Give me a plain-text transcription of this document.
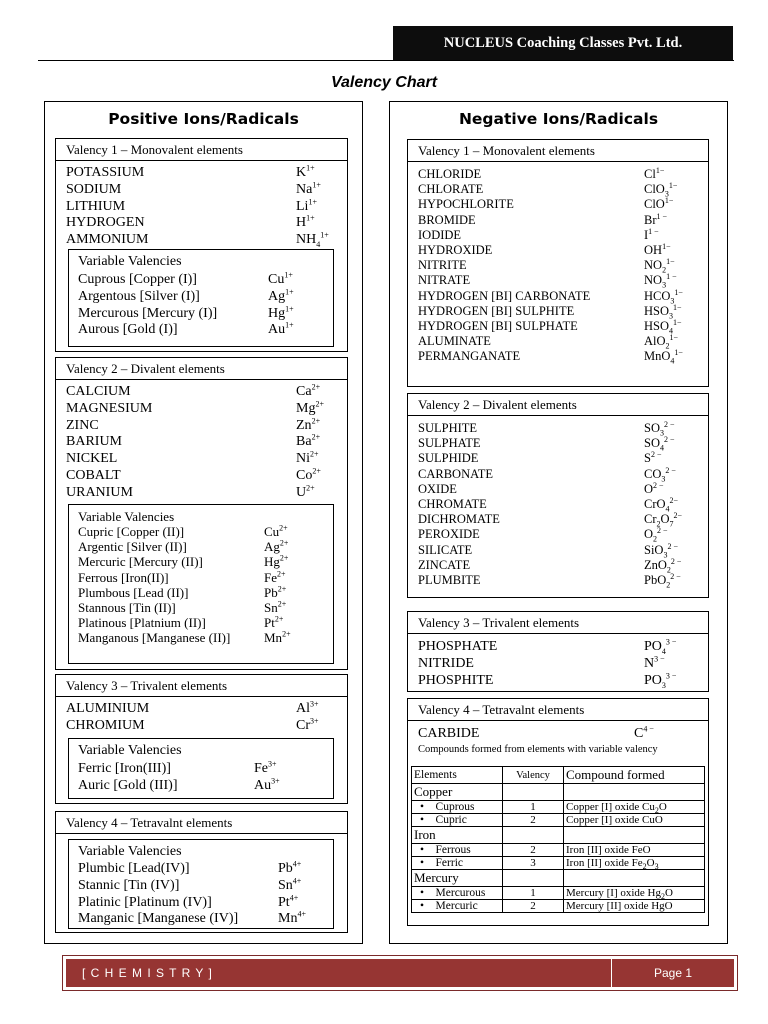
NUCLEUS Coaching Classes Pvt. Ltd.
Valency Chart
Positive Ions/Radicals
Valency 1 – Monovalent elements
POTASSIUM	$K^{1+}$
SODIUM	$Na^{1+}$
LITHIUM	$Li^{1+}$
HYDROGEN	$H^{1+}$
AMMONIUM	$NH_4^{1+}$
Variable Valencies
Cuprous [Copper (I)]	$Cu^{1+}$
Argentous [Silver (I)]	$Ag^{1+}$
Mercurous [Mercury (I)]	$Hg^{1+}$
Aurous [Gold (I)]	$Au^{1+}$
Valency 2 – Divalent elements
CALCIUM	$Ca^{2+}$
MAGNESIUM	$Mg^{2+}$
ZINC	$Zn^{2+}$
BARIUM	$Ba^{2+}$
NICKEL	$Ni^{2+}$
COBALT	$Co^{2+}$
URANIUM	$U^{2+}$
Variable Valencies
Cupric [Copper (II)]	$Cu^{2+}$
Argentic [Silver (II)]	$Ag^{2+}$
Mercuric [Mercury (II)]	$Hg^{2+}$
Ferrous [Iron(II)]	$Fe^{2+}$
Plumbous [Lead (II)]	$Pb^{2+}$
Stannous [Tin (II)]	$Sn^{2+}$
Platinous [Platnium (II)]	$Pt^{2+}$
Manganous [Manganese (II)]	$Mn^{2+}$
Valency 3 – Trivalent elements
ALUMINIUM	$Al^{3+}$
CHROMIUM	$Cr^{3+}$
Variable Valencies
Ferric [Iron(III)]	$Fe^{3+}$
Auric [Gold (III)]	$Au^{3+}$
Valency 4 – Tetravalnt elements
Variable Valencies
Plumbic [Lead(IV)]	$Pb^{4+}$
Stannic [Tin (IV)]	$Sn^{4+}$
Platinic [Platinum (IV)]	$Pt^{4+}$
Manganic [Manganese (IV)]	$Mn^{4+}$
Negative Ions/Radicals
Valency 1 – Monovalent elements
CHLORIDE	$Cl^{1-}$
CHLORATE	ClO$_3^{1-}$
HYPOCHLORITE	ClO$^{1-}$
BROMIDE	$Br^{1 -}$
IODIDE	$I^{1 -}$
HYDROXIDE	$OH^{1-}$
NITRITE	$NO_2^{1-}$
NITRATE	$NO_3^{1 -}$
HYDROGEN [BI] CARBONATE	$HCO_3^{1-}$
HYDROGEN [BI] SULPHITE	$HSO_3^{1-}$
HYDROGEN [BI] SULPHATE	$HSO_4^{1-}$
ALUMINATE	AlO$_2^{1-}$
PERMANGANATE	MnO$_4^{1-}$
Valency 2 – Divalent elements
SULPHITE	$SO_3^{2 -}$
SULPHATE	$SO_4^{2 -}$
SULPHIDE	$S^{2 -}$
CARBONATE	$CO_3^{2 -}$
OXIDE	$O^{2 -}$
CHROMATE	CrO$_4^{2-}$
DICHROMATE	$Cr_2O_7^{2-}$
PEROXIDE	$O_2^{2 -}$
SILICATE	SiO$_3^{2 -}$
ZINCATE	ZnO$_2^{2 -}$
PLUMBITE	PbO$_2^{2 -}$
Valency 3 – Trivalent elements
PHOSPHATE	$PO_4^{3 -}$
NITRIDE	$N^{3 -}$
PHOSPHITE	$PO_3^{3 -}$
Valency 4 – Tetravalnt elements
CARBIDE	$C^{4 -}$
Compounds formed from elements with variable valency
Elements	Valency	Compound formed
Copper		
•    Cuprous	1	Copper [I] oxide $Cu_2O$
•    Cupric	2	Copper [I] oxide CuO
Iron		
•    Ferrous	2	Iron [II] oxide FeO
•    Ferric	3	Iron [II] oxide $Fe_2O_3$
Mercury		
•    Mercurous	1	Mercury [I] oxide $Hg_2O$
•    Mercuric	2	Mercury [II] oxide HgO
[ C H E M I S T R Y ]	Page 1
